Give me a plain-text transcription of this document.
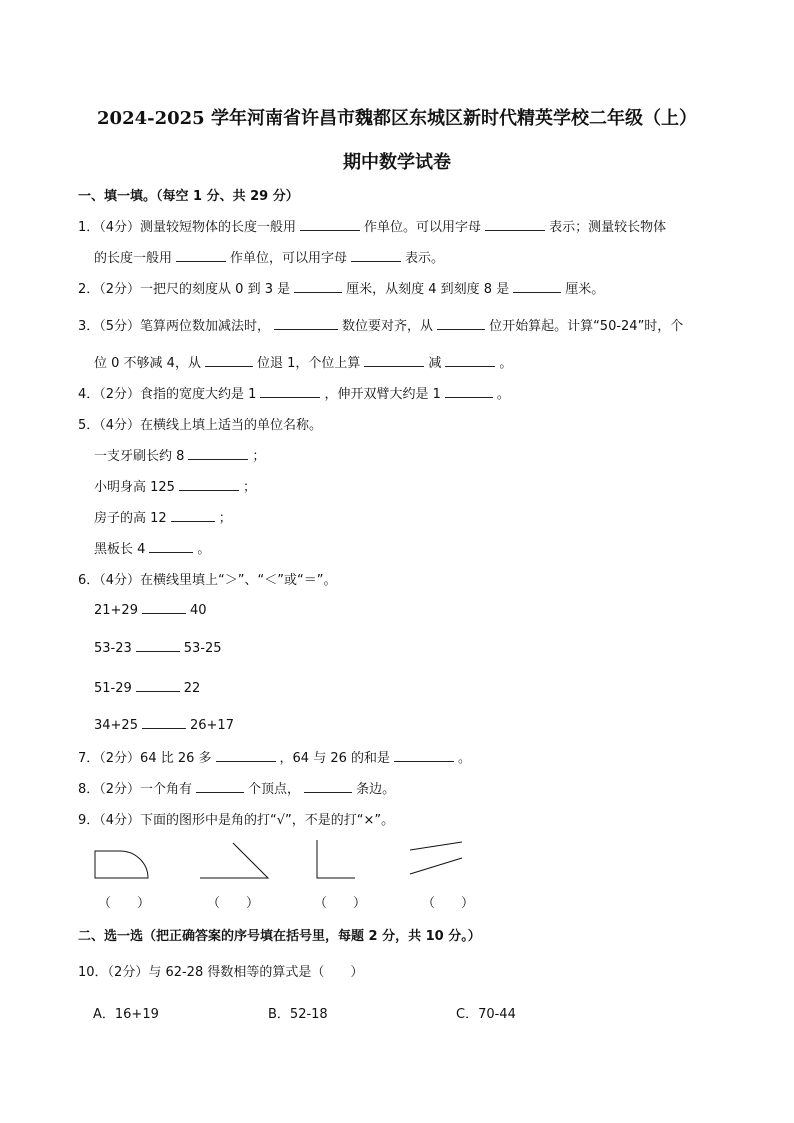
2024-2025 学年河南省许昌市魏都区东城区新时代精英学校二年级（上）
期中数学试卷
一、填一填。（每空 1 分、共 29 分）
1．（4分）测量较短物体的长度一般用	作单位。可以用字母	表示；测量较长物体
的长度一般用	作单位，可以用字母	表示。
2．（2分）一把尺的刻度从 0 到 3 是	厘米，从刻度 4 到刻度 8 是	厘米。
3．（5分）笔算两位数加减法时，	数位要对齐，从	位开始算起。计算“50-24”时，个
位 0 不够减 4，从	位退 1，个位上算	减	。
4．（2分）食指的宽度大约是 1	，伸开双臂大约是 1	。
5．（4分）在横线上填上适当的单位名称。
一支牙刷长约 8	；
小明身高 125	；
房子的高 12	；
黑板长 4	。
6．（4分）在横线里填上“＞”、“＜”或“＝”。
21+29	40
53-23	53-25
51-29	22
34+25	26+17
7．（2分）64 比 26 多	，64 与 26 的和是	。
8．（2分）一个角有	个顶点，	条边。
9．（4分）下面的图形中是角的打“√”，不是的打“×”。
（　　）	（　　）	（　　）	（　　）
二、选一选（把正确答案的序号填在括号里，每题 2 分，共 10 分。）
10．（2分）与 62-28 得数相等的算式是（　　）
A．16+19	B．52-18	C．70-44
